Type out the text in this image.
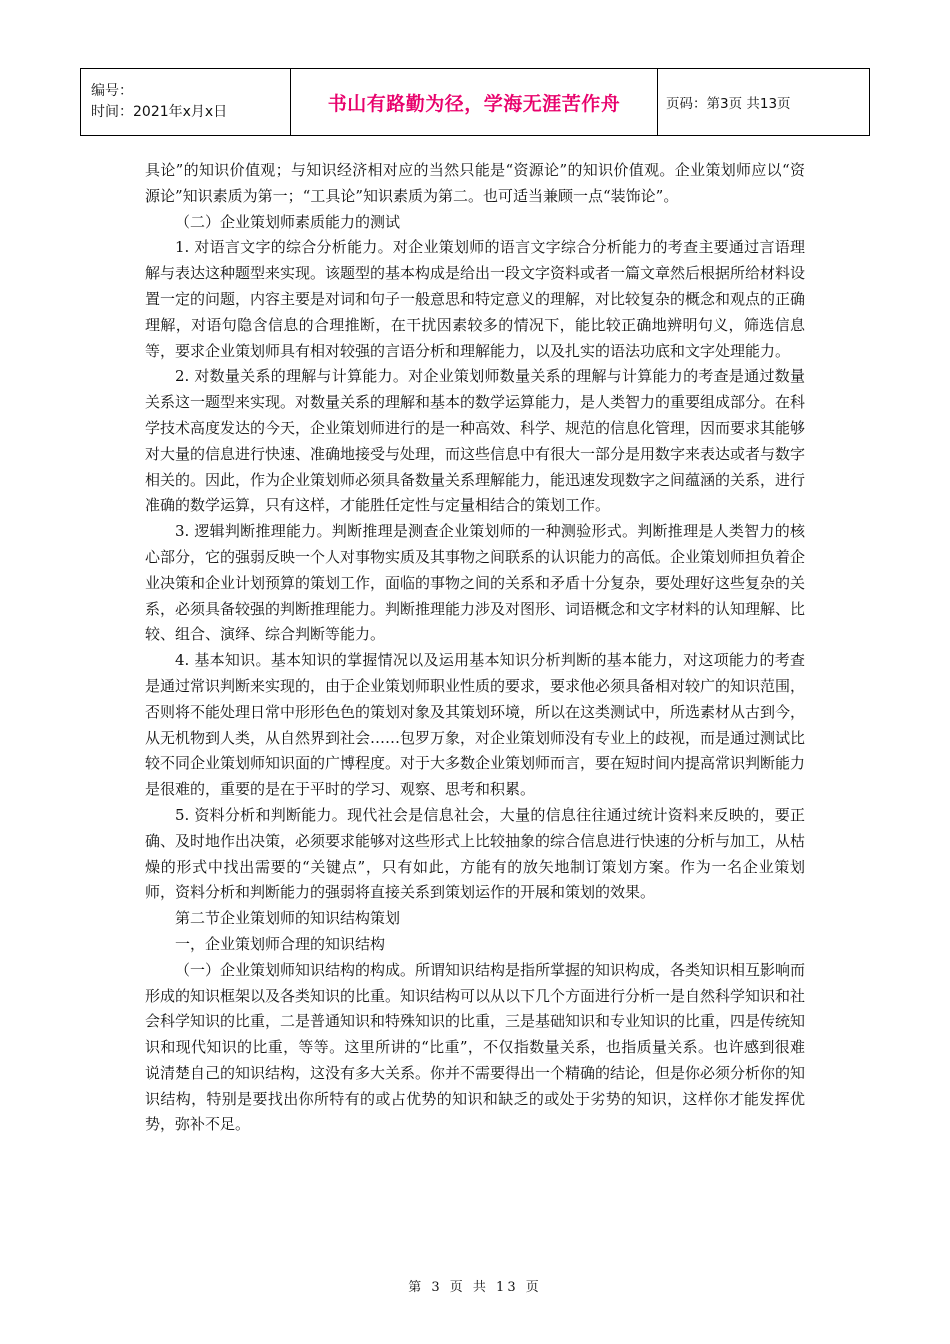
编号：
时间：2021年x月x日	书山有路勤为径，学海无涯苦作舟	页码：第3页 共13页

具论”的知识价值观；与知识经济相对应的当然只能是“资源论”的知识价值观。企业策划师应以“资源论”知识素质为第一；“工具论”知识素质为第二。也可适当兼顾一点“装饰论”。

（二）企业策划师素质能力的测试

1. 对语言文字的综合分析能力。对企业策划师的语言文字综合分析能力的考查主要通过言语理解与表达这种题型来实现。该题型的基本构成是给出一段文字资料或者一篇文章然后根据所给材料设置一定的问题，内容主要是对词和句子一般意思和特定意义的理解，对比较复杂的概念和观点的正确理解，对语句隐含信息的合理推断，在干扰因素较多的情况下，能比较正确地辨明句义，筛选信息等，要求企业策划师具有相对较强的言语分析和理解能力，以及扎实的语法功底和文字处理能力。

2. 对数量关系的理解与计算能力。对企业策划师数量关系的理解与计算能力的考查是通过数量关系这一题型来实现。对数量关系的理解和基本的数学运算能力，是人类智力的重要组成部分。在科学技术高度发达的今天，企业策划师进行的是一种高效、科学、规范的信息化管理，因而要求其能够对大量的信息进行快速、准确地接受与处理，而这些信息中有很大一部分是用数字来表达或者与数字相关的。因此，作为企业策划师必须具备数量关系理解能力，能迅速发现数字之间蕴涵的关系，进行准确的数学运算，只有这样，才能胜任定性与定量相结合的策划工作。

3. 逻辑判断推理能力。判断推理是测查企业策划师的一种测验形式。判断推理是人类智力的核心部分，它的强弱反映一个人对事物实质及其事物之间联系的认识能力的高低。企业策划师担负着企业决策和企业计划预算的策划工作，面临的事物之间的关系和矛盾十分复杂，要处理好这些复杂的关系，必须具备较强的判断推理能力。判断推理能力涉及对图形、词语概念和文字材料的认知理解、比较、组合、演绎、综合判断等能力。

4. 基本知识。基本知识的掌握情况以及运用基本知识分析判断的基本能力，对这项能力的考查是通过常识判断来实现的，由于企业策划师职业性质的要求，要求他必须具备相对较广的知识范围，否则将不能处理日常中形形色色的策划对象及其策划环境，所以在这类测试中，所选素材从古到今，从无机物到人类，从自然界到社会……包罗万象，对企业策划师没有专业上的歧视，而是通过测试比较不同企业策划师知识面的广博程度。对于大多数企业策划师而言，要在短时间内提高常识判断能力是很难的，重要的是在于平时的学习、观察、思考和积累。

5. 资料分析和判断能力。现代社会是信息社会，大量的信息往往通过统计资料来反映的，要正确、及时地作出决策，必须要求能够对这些形式上比较抽象的综合信息进行快速的分析与加工，从枯燥的形式中找出需要的“关键点”，只有如此，方能有的放矢地制订策划方案。作为一名企业策划师，资料分析和判断能力的强弱将直接关系到策划运作的开展和策划的效果。

第二节企业策划师的知识结构策划

一，企业策划师合理的知识结构

（一）企业策划师知识结构的构成。所谓知识结构是指所掌握的知识构成，各类知识相互影响而形成的知识框架以及各类知识的比重。知识结构可以从以下几个方面进行分析一是自然科学知识和社会科学知识的比重，二是普通知识和特殊知识的比重，三是基础知识和专业知识的比重，四是传统知识和现代知识的比重，等等。这里所讲的“比重”，不仅指数量关系，也指质量关系。也许感到很难说清楚自己的知识结构，这没有多大关系。你并不需要得出一个精确的结论，但是你必须分析你的知识结构，特别是要找出你所特有的或占优势的知识和缺乏的或处于劣势的知识，这样你才能发挥优势，弥补不足。

第 3 页 共 13 页
